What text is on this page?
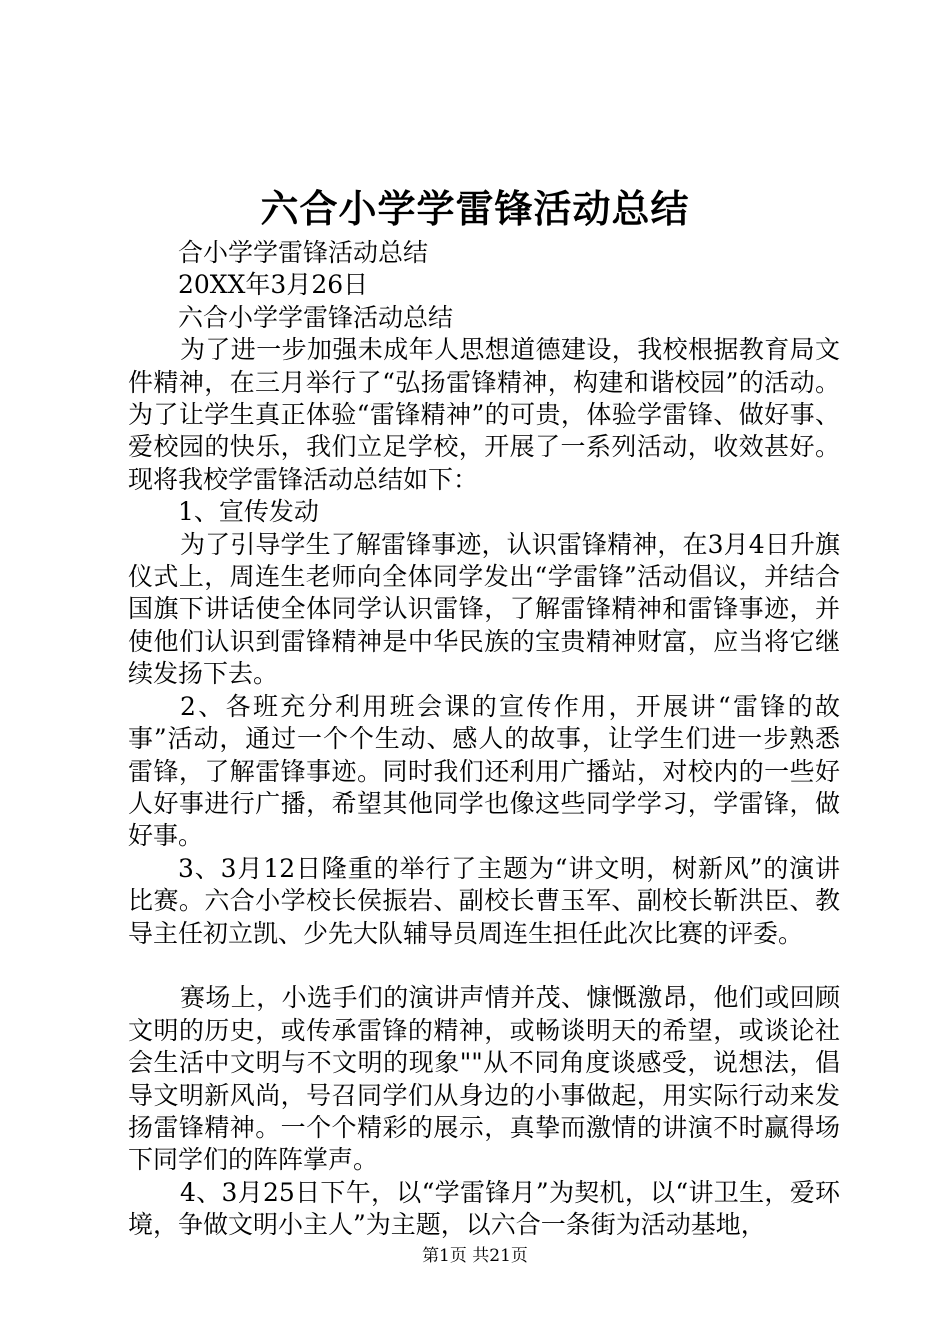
六合小学学雷锋活动总结

合小学学雷锋活动总结

20XX年3月26日

六合小学学雷锋活动总结

为了进一步加强未成年人思想道德建设，我校根据教育局文件精神，在三月举行了“弘扬雷锋精神，构建和谐校园”的活动。为了让学生真正体验“雷锋精神”的可贵，体验学雷锋、做好事、爱校园的快乐，我们立足学校，开展了一系列活动，收效甚好。现将我校学雷锋活动总结如下：

1、宣传发动

为了引导学生了解雷锋事迹，认识雷锋精神，在3月4日升旗仪式上，周连生老师向全体同学发出“学雷锋”活动倡议，并结合国旗下讲话使全体同学认识雷锋，了解雷锋精神和雷锋事迹，并使他们认识到雷锋精神是中华民族的宝贵精神财富，应当将它继续发扬下去。

2、各班充分利用班会课的宣传作用，开展讲“雷锋的故事”活动，通过一个个生动、感人的故事，让学生们进一步熟悉雷锋，了解雷锋事迹。同时我们还利用广播站，对校内的一些好人好事进行广播，希望其他同学也像这些同学学习，学雷锋，做好事。

3、3月12日隆重的举行了主题为“讲文明，树新风”的演讲比赛。六合小学校长侯振岩、副校长曹玉军、副校长靳洪臣、教导主任初立凯、少先大队辅导员周连生担任此次比赛的评委。

赛场上，小选手们的演讲声情并茂、慷慨激昂，他们或回顾文明的历史，或传承雷锋的精神，或畅谈明天的希望，或谈论社会生活中文明与不文明的现象""从不同角度谈感受，说想法，倡导文明新风尚，号召同学们从身边的小事做起，用实际行动来发扬雷锋精神。一个个精彩的展示，真挚而激情的讲演不时赢得场下同学们的阵阵掌声。

4、3月25日下午，以“学雷锋月”为契机，以“讲卫生，爱环境，争做文明小主人”为主题，以六合一条街为活动基地，

第1页 共21页
